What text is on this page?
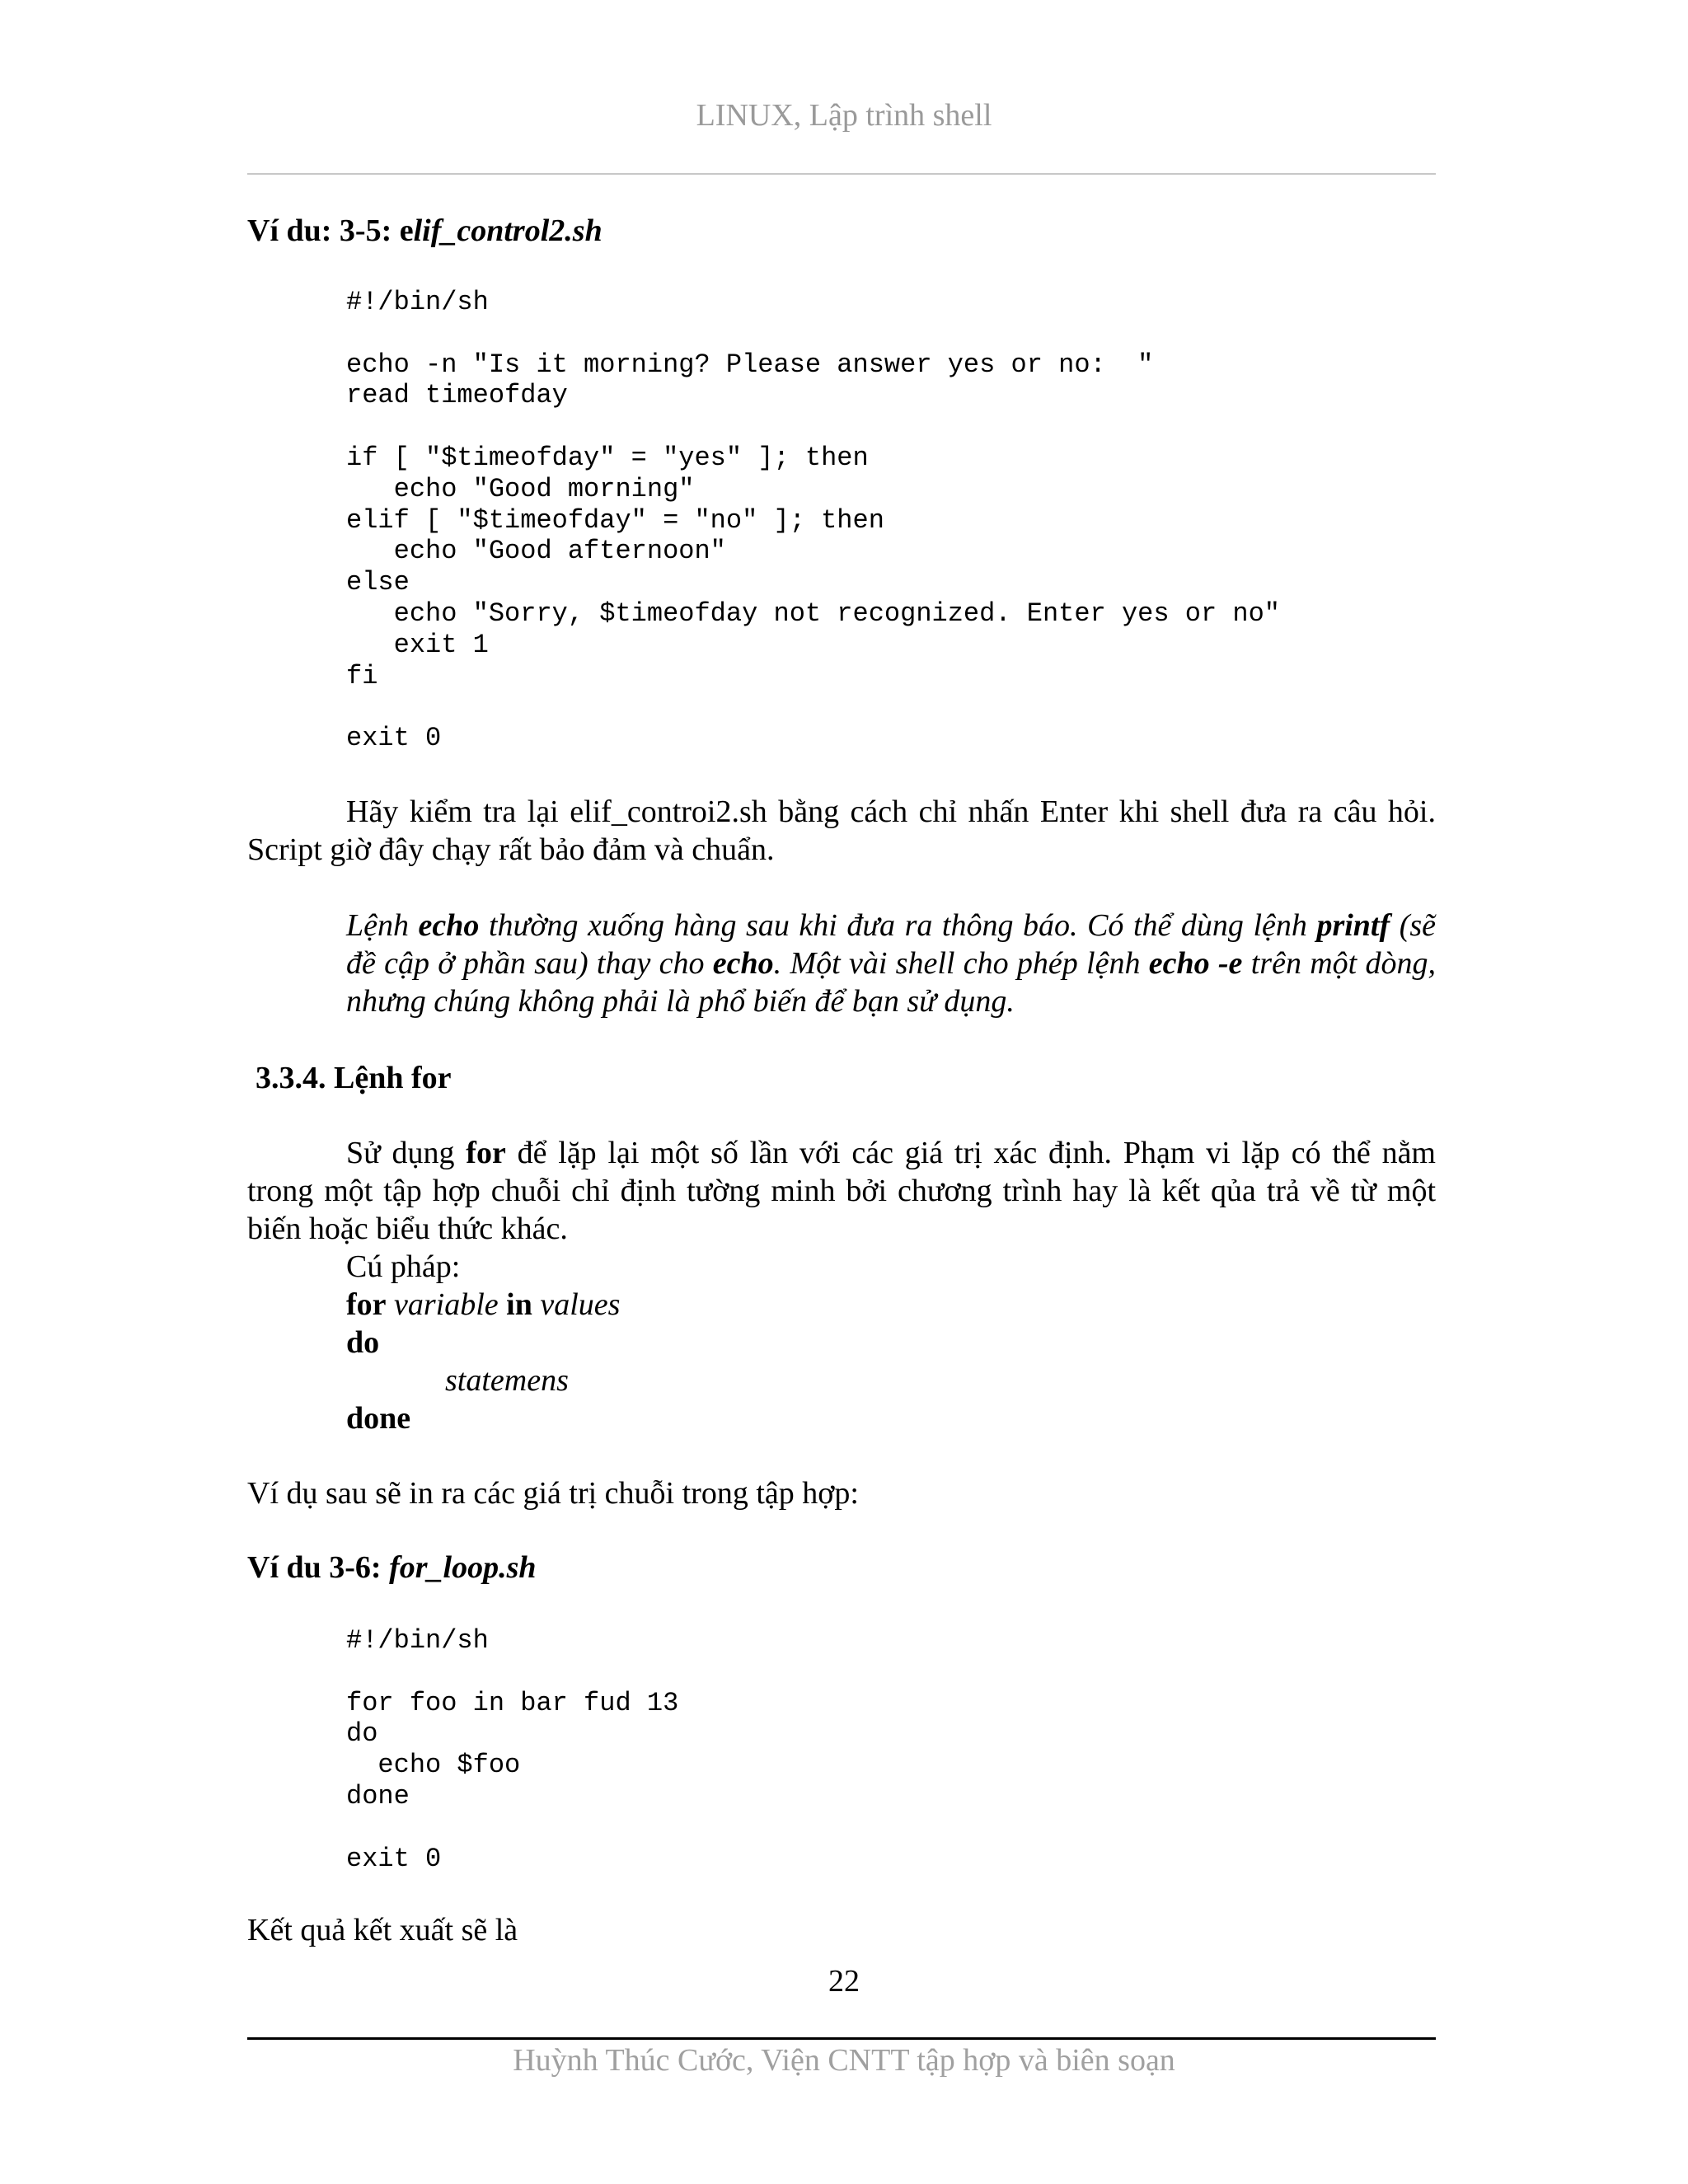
LINUX, Lập trình shell
Ví du: 3-5: elif_control2.sh
#!/bin/sh

echo -n "Is it morning? Please answer yes or no:  "
read timeofday

if [ "$timeofday" = "yes" ]; then
echo "Good morning"
elif [ "$timeofday" = "no" ]; then
echo "Good afternoon"
else
echo "Sorry, $timeofday not recognized. Enter yes or no"
exit 1
fi

exit 0
Hãy kiểm tra lại elif_controi2.sh bằng cách chỉ nhấn Enter khi shell đưa ra câu hỏi. Script giờ đây chạy rất bảo đảm và chuẩn.
Lệnh echo thường xuống hàng sau khi đưa ra thông báo. Có thể dùng lệnh printf (sẽ đề cập ở phần sau) thay cho echo. Một vài shell cho phép lệnh echo -e trên một dòng, nhưng chúng không phải là phổ biến để bạn sử dụng.
3.3.4. Lệnh for
Sử dụng for để lặp lại một số lần với các giá trị xác định. Phạm vi lặp có thể nằm trong một tập hợp chuỗi chỉ định tường minh bởi chương trình hay là kết qủa trả về từ một biến hoặc biểu thức khác.
Cú pháp:
for variable in values
do
statemens
done
Ví dụ sau sẽ in ra các giá trị chuỗi trong tập hợp:
Ví du 3-6: for_loop.sh
#!/bin/sh

for foo in bar fud 13
do
echo $foo
done

exit 0
Kết quả kết xuất sẽ là
22
Huỳnh Thúc Cước, Viện CNTT tập hợp và biên soạn
